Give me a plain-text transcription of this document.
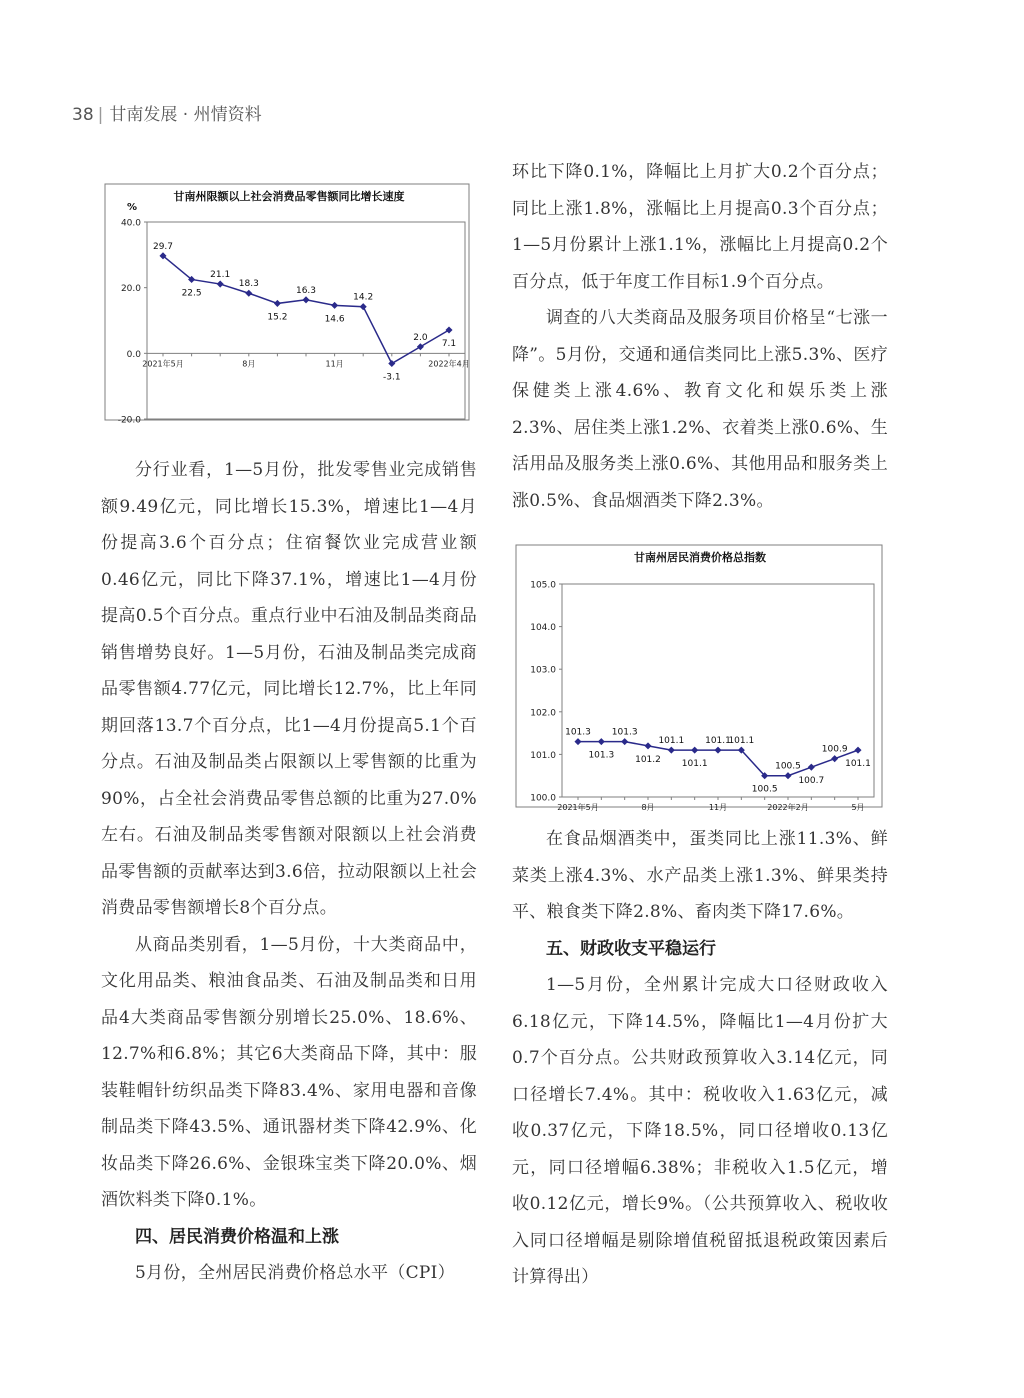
38 | 甘南发展 · 州情资料
甘南州限额以上社会消费品零售额同比增长速度
%
40.0
20.0
0.0
-20.0
2021年5月	8月	11月	2022年4月
29.7
22.5
21.1
18.3
15.2
16.3
14.6
14.2
-3.1
2.0
7.1

分行业看，1—5月份，批发零售业完成销售额9.49亿元，同比增长15.3%，增速比1—4月份提高3.6个百分点；住宿餐饮业完成营业额0.46亿元，同比下降37.1%，增速比1—4月份提高0.5个百分点。重点行业中石油及制品类商品销售增势良好。1—5月份，石油及制品类完成商品零售额4.77亿元，同比增长12.7%，比上年同期回落13.7个百分点，比1—4月份提高5.1个百分点。石油及制品类占限额以上零售额的比重为90%，占全社会消费品零售总额的比重为27.0%左右。石油及制品类零售额对限额以上社会消费品零售额的贡献率达到3.6倍，拉动限额以上社会消费品零售额增长8个百分点。

从商品类别看，1—5月份，十大类商品中，文化用品类、粮油食品类、石油及制品类和日用品4大类商品零售额分别增长25.0%、18.6%、12.7%和6.8%；其它6大类商品下降，其中：服装鞋帽针纺织品类下降83.4%、家用电器和音像制品类下降43.5%、通讯器材类下降42.9%、化妆品类下降26.6%、金银珠宝类下降20.0%、烟酒饮料类下降0.1%。

四、居民消费价格温和上涨

5月份，全州居民消费价格总水平（CPI）

环比下降0.1%，降幅比上月扩大0.2个百分点；同比上涨1.8%，涨幅比上月提高0.3个百分点；1—5月份累计上涨1.1%，涨幅比上月提高0.2个百分点，低于年度工作目标1.9个百分点。

调查的八大类商品及服务项目价格呈“七涨一降”。5月份，交通和通信类同比上涨5.3%、医疗保健类上涨4.6%、教育文化和娱乐类上涨2.3%、居住类上涨1.2%、衣着类上涨0.6%、生活用品及服务类上涨0.6%、其他用品和服务类上涨0.5%、食品烟酒类下降2.3%。

甘南州居民消费价格总指数
105.0
104.0
103.0
102.0
101.0
100.0
2021年5月	8月	11月	2022年2月	5月
101.3
101.3
101.3
101.2
101.1
101.1
101.1
101.1
100.5
100.5
100.7
100.9
101.1

在食品烟酒类中，蛋类同比上涨11.3%、鲜菜类上涨4.3%、水产品类上涨1.3%、鲜果类持平、粮食类下降2.8%、畜肉类下降17.6%。

五、财政收支平稳运行

1—5月份，全州累计完成大口径财政收入6.18亿元，下降14.5%，降幅比1—4月份扩大0.7个百分点。公共财政预算收入3.14亿元，同口径增长7.4%。其中：税收收入1.63亿元，减收0.37亿元，下降18.5%，同口径增收0.13亿元，同口径增幅6.38%；非税收入1.5亿元，增收0.12亿元，增长9%。（公共预算收入、税收收入同口径增幅是剔除增值税留抵退税政策因素后计算得出）
